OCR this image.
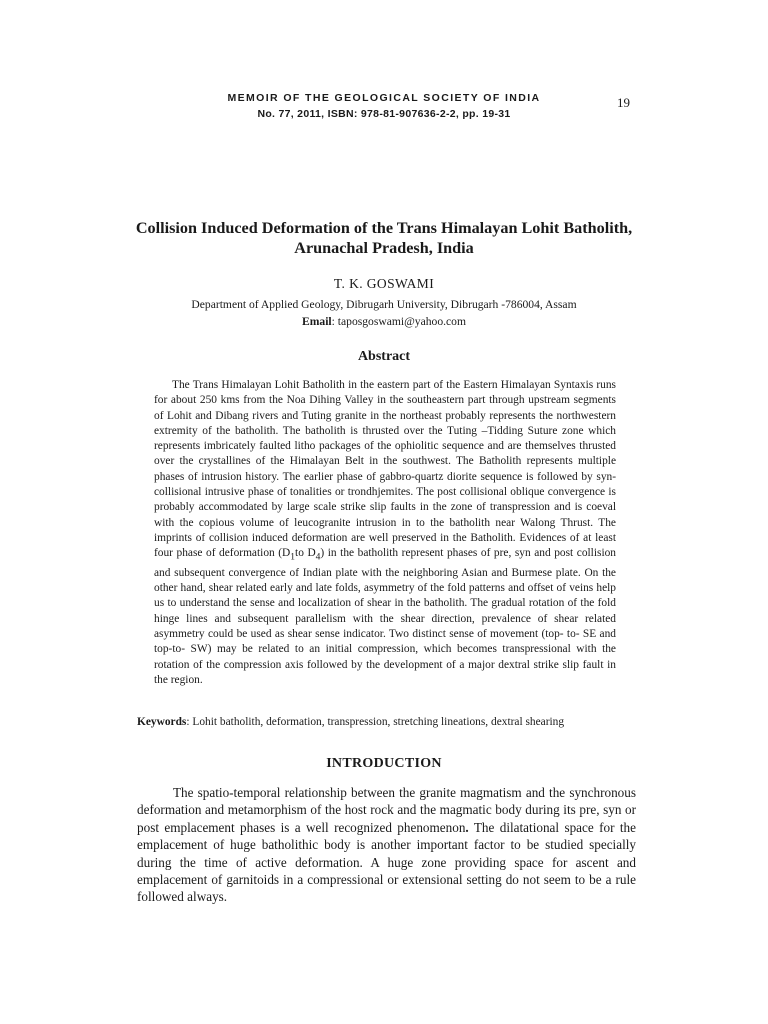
MEMOIR OF THE GEOLOGICAL SOCIETY OF INDIA
No. 77, 2011, ISBN: 978-81-907636-2-2, pp. 19-31
19
Collision Induced Deformation of the Trans Himalayan Lohit Batholith,
Arunachal Pradesh, India
T. K. GOSWAMI
Department of Applied Geology, Dibrugarh University, Dibrugarh -786004, Assam
Email: taposgoswami@yahoo.com
Abstract

The Trans Himalayan Lohit Batholith in the eastern part of the Eastern Himalayan Syntaxis runs for about 250 kms from the Noa Dihing Valley in the southeastern part through upstream segments of Lohit and Dibang rivers and Tuting granite in the northeast probably represents the northwestern extremity of the batholith. The batholith is thrusted over the Tuting –Tidding Suture zone which represents imbricately faulted litho packages of the ophiolitic sequence and are themselves thrusted over the crystallines of the Himalayan Belt in the southwest. The Batholith represents multiple phases of intrusion history. The earlier phase of gabbro-quartz diorite sequence is followed by syn- collisional intrusive phase of tonalities or trondhjemites. The post collisional oblique convergence is probably accommodated by large scale strike slip faults in the zone of transpression and is coeval with the copious volume of leucogranite intrusion in to the batholith near Walong Thrust. The imprints of collision induced deformation are well preserved in the Batholith. Evidences of at least four phase of deformation ($D_1to$ $D_4$) in the batholith represent phases of pre, syn and post collision and subsequent convergence of Indian plate with the neighboring Asian and Burmese plate. On the other hand, shear related early and late folds, asymmetry of the fold patterns and offset of veins help us to understand the sense and localization of shear in the batholith. The gradual rotation of the fold hinge lines and subsequent parallelism with the shear direction, prevalence of shear related asymmetry could be used as shear sense indicator. Two distinct sense of movement (top- to- SE and top-to- SW) may be related to an initial compression, which becomes transpressional with the rotation of the compression axis followed by the development of a major dextral strike slip fault in the region.

Keywords: Lohit batholith, deformation, transpression, stretching lineations, dextral shearing
INTRODUCTION

The spatio-temporal relationship between the granite magmatism and the synchronous deformation and metamorphism of the host rock and the magmatic body during its pre, syn or post emplacement phases is a well recognized phenomenon. The dilatational space for the emplacement of huge batholithic body is another important factor to be studied specially during the time of active deformation. A huge zone providing space for ascent and emplacement of garnitoids in a compressional or extensional setting do not seem to be a rule followed always.
